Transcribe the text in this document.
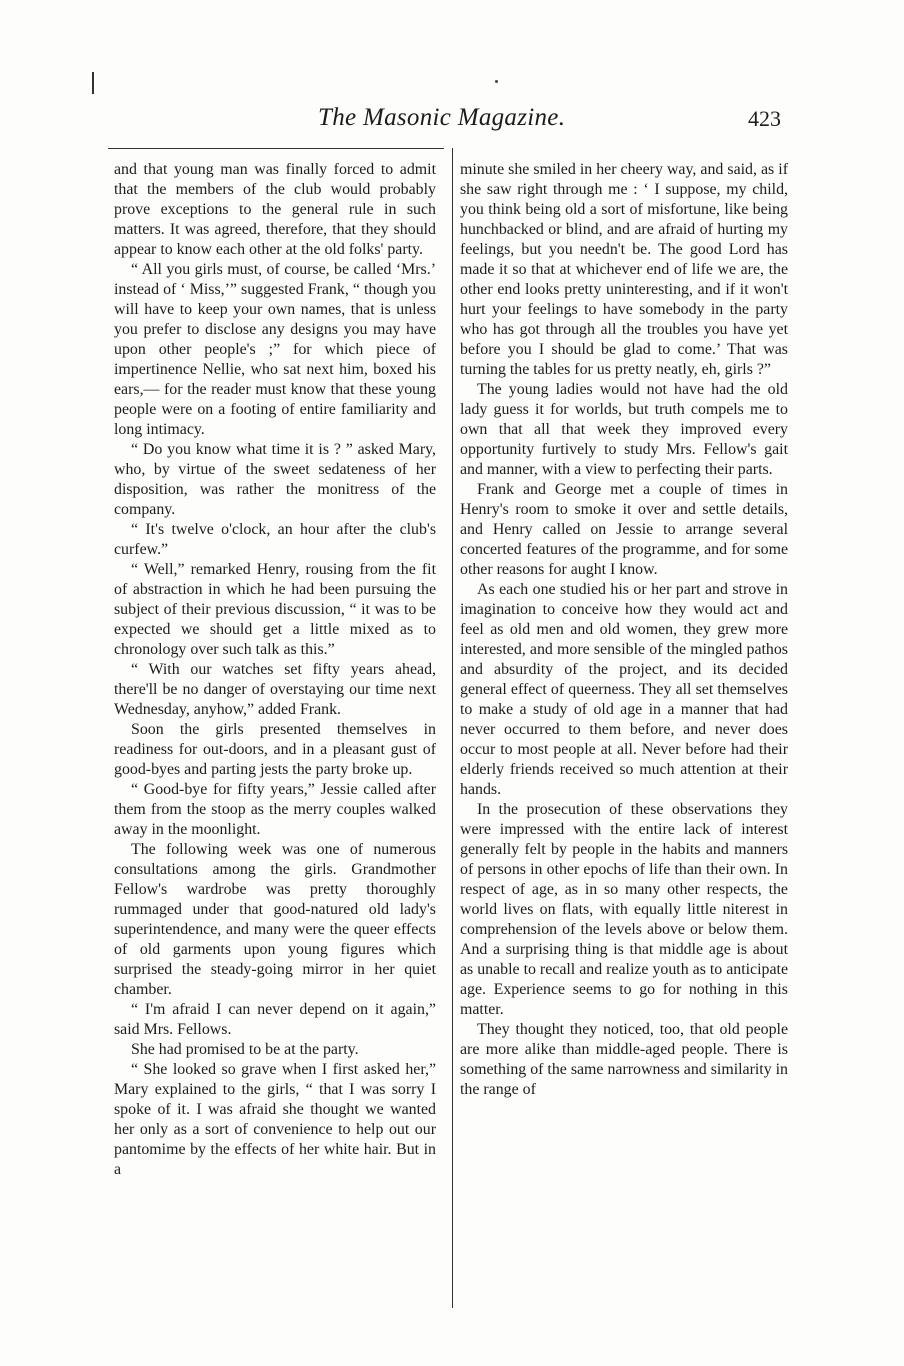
The Masonic Magazine.	423

and that young man was finally forced to admit that the members of the club would probably prove exceptions to the general rule in such matters. It was agreed, therefore, that they should appear to know each other at the old folks' party.

“ All you girls must, of course, be called ‘Mrs.’ instead of ‘ Miss,’” suggested Frank, “ though you will have to keep your own names, that is unless you prefer to disclose any designs you may have upon other people's ;” for which piece of impertinence Nellie, who sat next him, boxed his ears,— for the reader must know that these young people were on a footing of entire familiarity and long intimacy.

“ Do you know what time it is ? ” asked Mary, who, by virtue of the sweet sedateness of her disposition, was rather the monitress of the company.

“ It's twelve o'clock, an hour after the club's curfew.”

“ Well,” remarked Henry, rousing from the fit of abstraction in which he had been pursuing the subject of their previous discussion, “ it was to be expected we should get a little mixed as to chronology over such talk as this.”

“ With our watches set fifty years ahead, there'll be no danger of overstaying our time next Wednesday, anyhow,” added Frank.

Soon the girls presented themselves in readiness for out-doors, and in a pleasant gust of good-byes and parting jests the party broke up.

“ Good-bye for fifty years,” Jessie called after them from the stoop as the merry couples walked away in the moonlight.

The following week was one of numerous consultations among the girls. Grandmother Fellow's wardrobe was pretty thoroughly rummaged under that good-natured old lady's superintendence, and many were the queer effects of old garments upon young figures which surprised the steady-going mirror in her quiet chamber.

“ I'm afraid I can never depend on it again,” said Mrs. Fellows.

She had promised to be at the party.

“ She looked so grave when I first asked her,” Mary explained to the girls, “ that I was sorry I spoke of it. I was afraid she thought we wanted her only as a sort of convenience to help out our pantomime by the effects of her white hair. But in a

minute she smiled in her cheery way, and said, as if she saw right through me : ‘ I suppose, my child, you think being old a sort of misfortune, like being hunchbacked or blind, and are afraid of hurting my feelings, but you needn't be. The good Lord has made it so that at whichever end of life we are, the other end looks pretty uninteresting, and if it won't hurt your feelings to have somebody in the party who has got through all the troubles you have yet before you I should be glad to come.’ That was turning the tables for us pretty neatly, eh, girls ?”

The young ladies would not have had the old lady guess it for worlds, but truth compels me to own that all that week they improved every opportunity furtively to study Mrs. Fellow's gait and manner, with a view to perfecting their parts.

Frank and George met a couple of times in Henry's room to smoke it over and settle details, and Henry called on Jessie to arrange several concerted features of the programme, and for some other reasons for aught I know.

As each one studied his or her part and strove in imagination to conceive how they would act and feel as old men and old women, they grew more interested, and more sensible of the mingled pathos and absurdity of the project, and its decided general effect of queerness. They all set themselves to make a study of old age in a manner that had never occurred to them before, and never does occur to most people at all. Never before had their elderly friends received so much attention at their hands.

In the prosecution of these observations they were impressed with the entire lack of interest generally felt by people in the habits and manners of persons in other epochs of life than their own. In respect of age, as in so many other respects, the world lives on flats, with equally little niterest in comprehension of the levels above or below them. And a surprising thing is that middle age is about as unable to recall and realize youth as to anticipate age. Experience seems to go for nothing in this matter.

They thought they noticed, too, that old people are more alike than middle-aged people. There is something of the same narrowness and similarity in the range of
